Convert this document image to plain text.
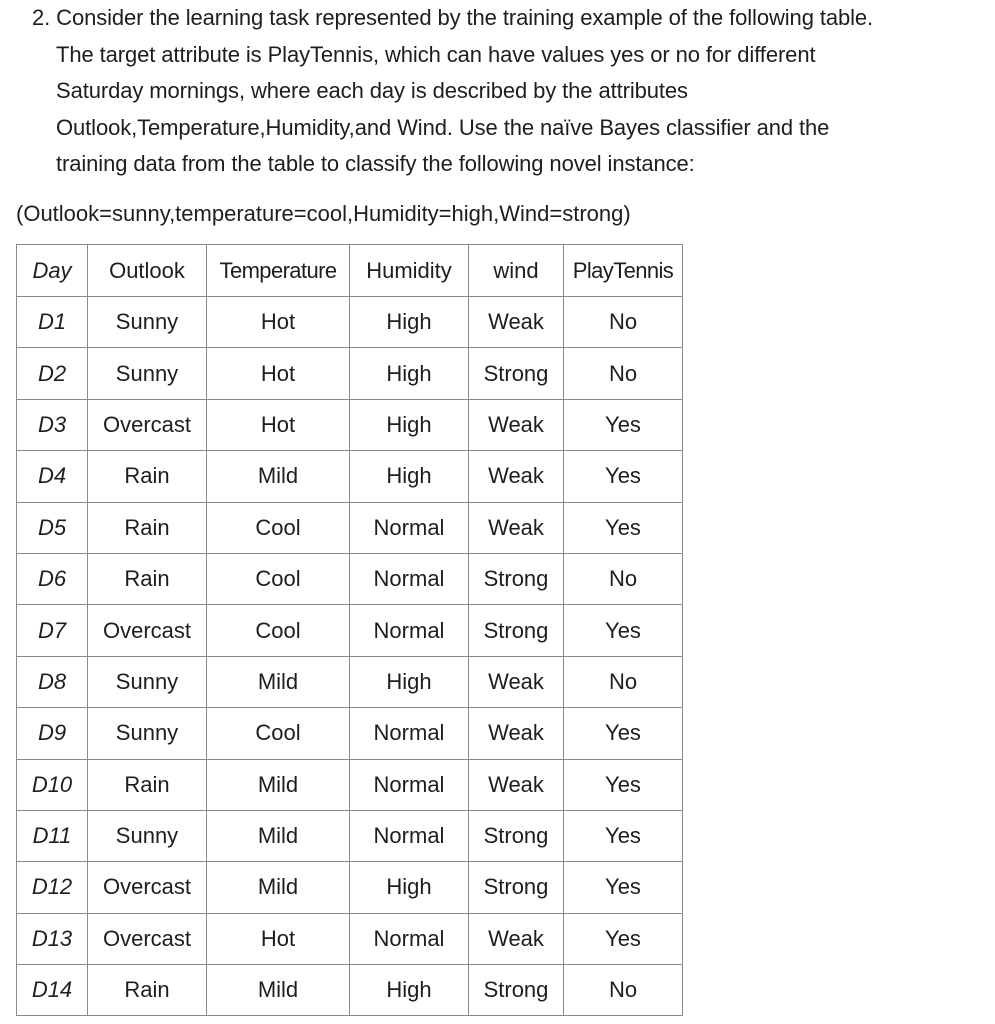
2. Consider the learning task represented by the training example of the following table.
The target attribute is PlayTennis, which can have values yes or no for different
Saturday mornings, where each day is described by the attributes
Outlook,Temperature,Humidity,and Wind. Use the naïve Bayes classifier and the
training data from the table to classify the following novel instance:
(Outlook=sunny,temperature=cool,Humidity=high,Wind=strong)
Day	Outlook	Temperature	Humidity	wind	PlayTennis
D1	Sunny	Hot	High	Weak	No
D2	Sunny	Hot	High	Strong	No
D3	Overcast	Hot	High	Weak	Yes
D4	Rain	Mild	High	Weak	Yes
D5	Rain	Cool	Normal	Weak	Yes
D6	Rain	Cool	Normal	Strong	No
D7	Overcast	Cool	Normal	Strong	Yes
D8	Sunny	Mild	High	Weak	No
D9	Sunny	Cool	Normal	Weak	Yes
D10	Rain	Mild	Normal	Weak	Yes
D11	Sunny	Mild	Normal	Strong	Yes
D12	Overcast	Mild	High	Strong	Yes
D13	Overcast	Hot	Normal	Weak	Yes
D14	Rain	Mild	High	Strong	No
